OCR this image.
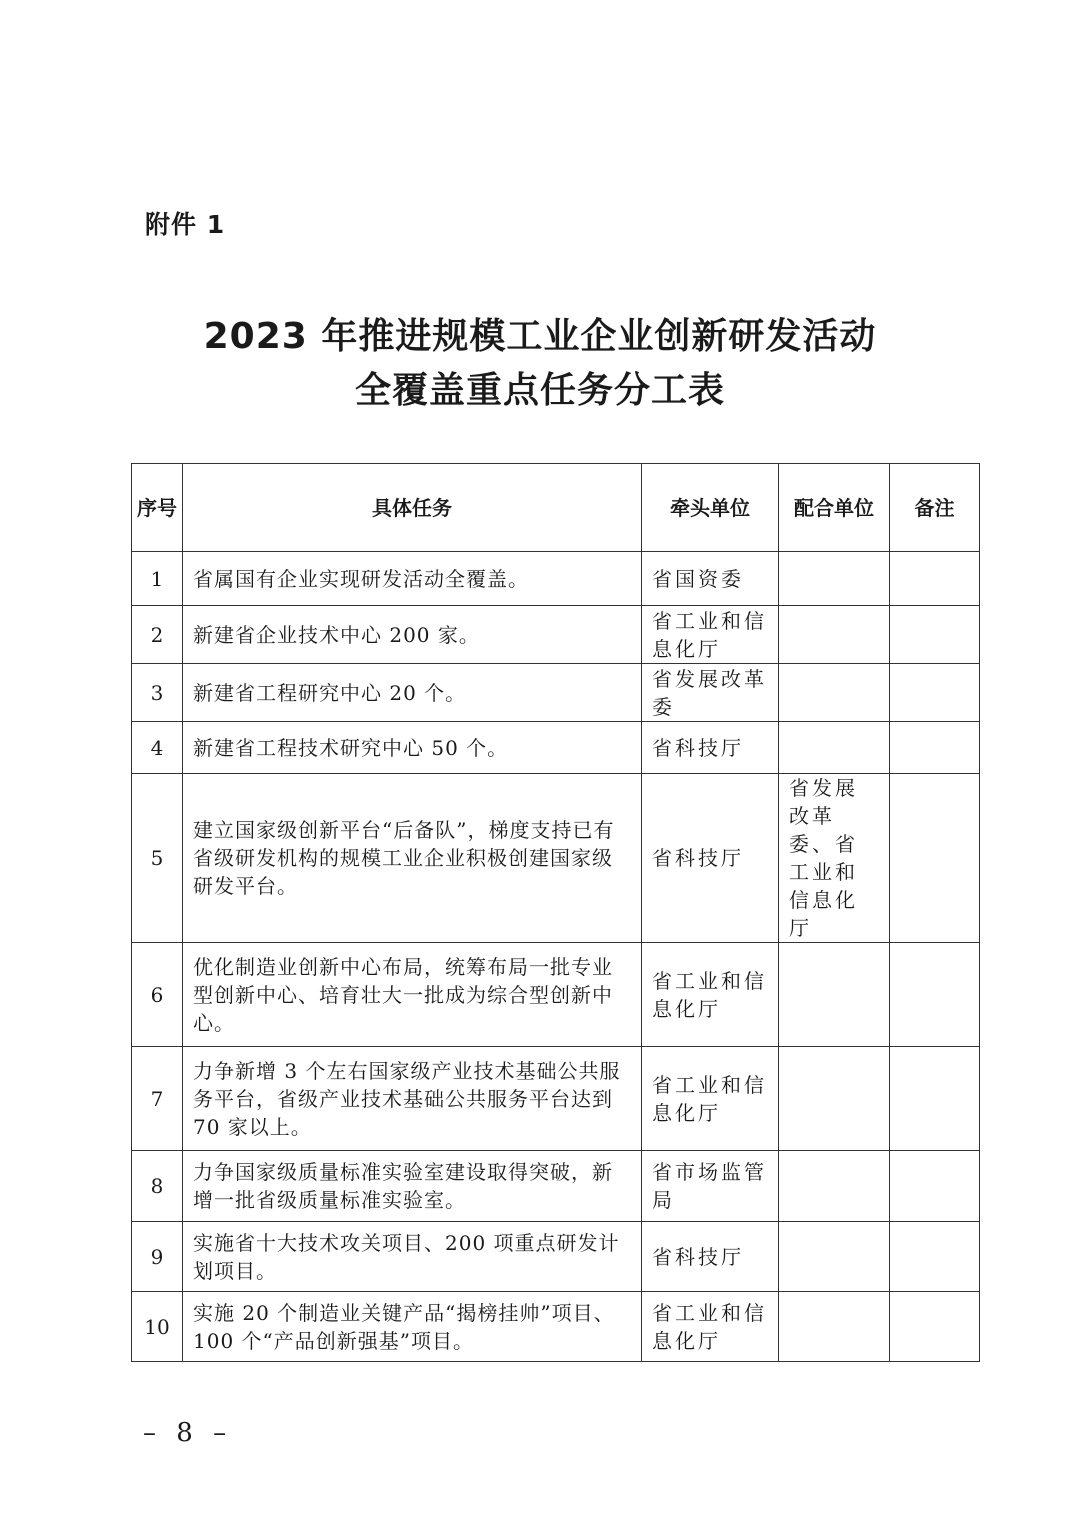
附件 1
2023 年推进规模工业企业创新研发活动
全覆盖重点任务分工表
序号	具体任务	牵头单位	配合单位	备注
1	省属国有企业实现研发活动全覆盖。	省国资委		
2	新建省企业技术中心 200 家。	省工业和信息化厅		
3	新建省工程研究中心 20 个。	省发展改革委		
4	新建省工程技术研究中心 50 个。	省科技厅		
5	建立国家级创新平台“后备队”，梯度支持已有省级研发机构的规模工业企业积极创建国家级研发平台。	省科技厅	省发展改革委、省工业和信息化厅	
6	优化制造业创新中心布局，统筹布局一批专业型创新中心、培育壮大一批成为综合型创新中心。	省工业和信息化厅		
7	力争新增 3 个左右国家级产业技术基础公共服务平台，省级产业技术基础公共服务平台达到 70 家以上。	省工业和信息化厅		
8	力争国家级质量标准实验室建设取得突破，新增一批省级质量标准实验室。	省市场监管局		
9	实施省十大技术攻关项目、200 项重点研发计划项目。	省科技厅		
10	实施 20 个制造业关键产品“揭榜挂帅”项目、100 个“产品创新强基”项目。	省工业和信息化厅		
– 8 –
